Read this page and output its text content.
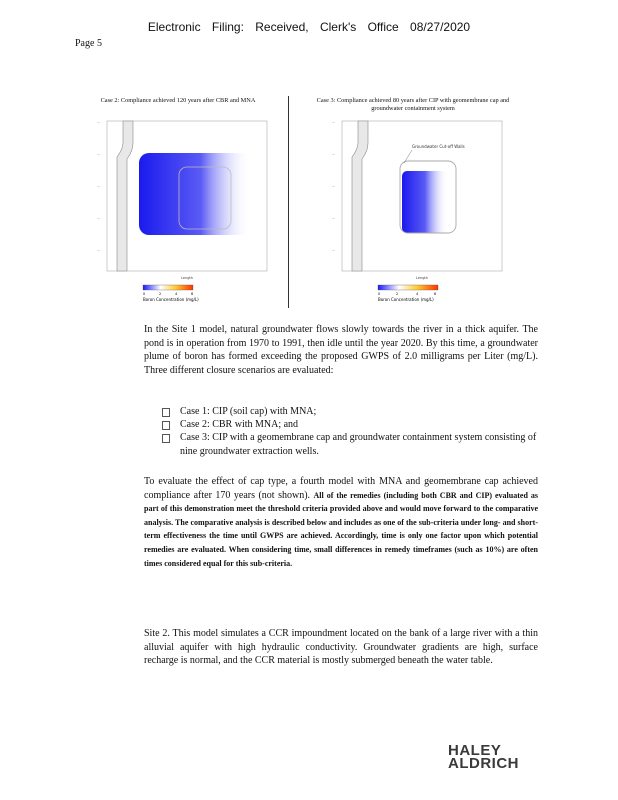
Electronic Filing: Received, Clerk's Office 08/27/2020
Page 5
Case 2: Compliance achieved 120 years after CBR and MNA	Case 3: Compliance achieved 80 years after CIP with geomembrane cap and groundwater containment system
—
—
—
—
—
Length
0	2	4	6
Boron Concentration (mg/L)
Groundwater Cut-off Walls
—
—
—
—
—
Length
0	2	4	6
Boron Concentration (mg/L)
In the Site 1 model, natural groundwater flows slowly towards the river in a thick aquifer. The pond is in operation from 1970 to 1991, then idle until the year 2020. By this time, a groundwater plume of boron has formed exceeding the proposed GWPS of 2.0 milligrams per Liter (mg/L). Three different closure scenarios are evaluated:
Case 1: CIP (soil cap) with MNA;
Case 2: CBR with MNA; and
Case 3: CIP with a geomembrane cap and groundwater containment system consisting of nine groundwater extraction wells.
To evaluate the effect of cap type, a fourth model with MNA and geomembrane cap achieved compliance after 170 years (not shown). All of the remedies (including both CBR and CIP) evaluated as part of this demonstration meet the threshold criteria provided above and would move forward to the comparative analysis. The comparative analysis is described below and includes as one of the sub-criteria under long- and short-term effectiveness the time until GWPS are achieved. Accordingly, time is only one factor upon which potential remedies are evaluated. When considering time, small differences in remedy timeframes (such as 10%) are often times considered equal for this sub-criteria.
Site 2. This model simulates a CCR impoundment located on the bank of a large river with a thin alluvial aquifer with high hydraulic conductivity. Groundwater gradients are high, surface recharge is normal, and the CCR material is mostly submerged beneath the water table.
HALEY
ALDRICH
